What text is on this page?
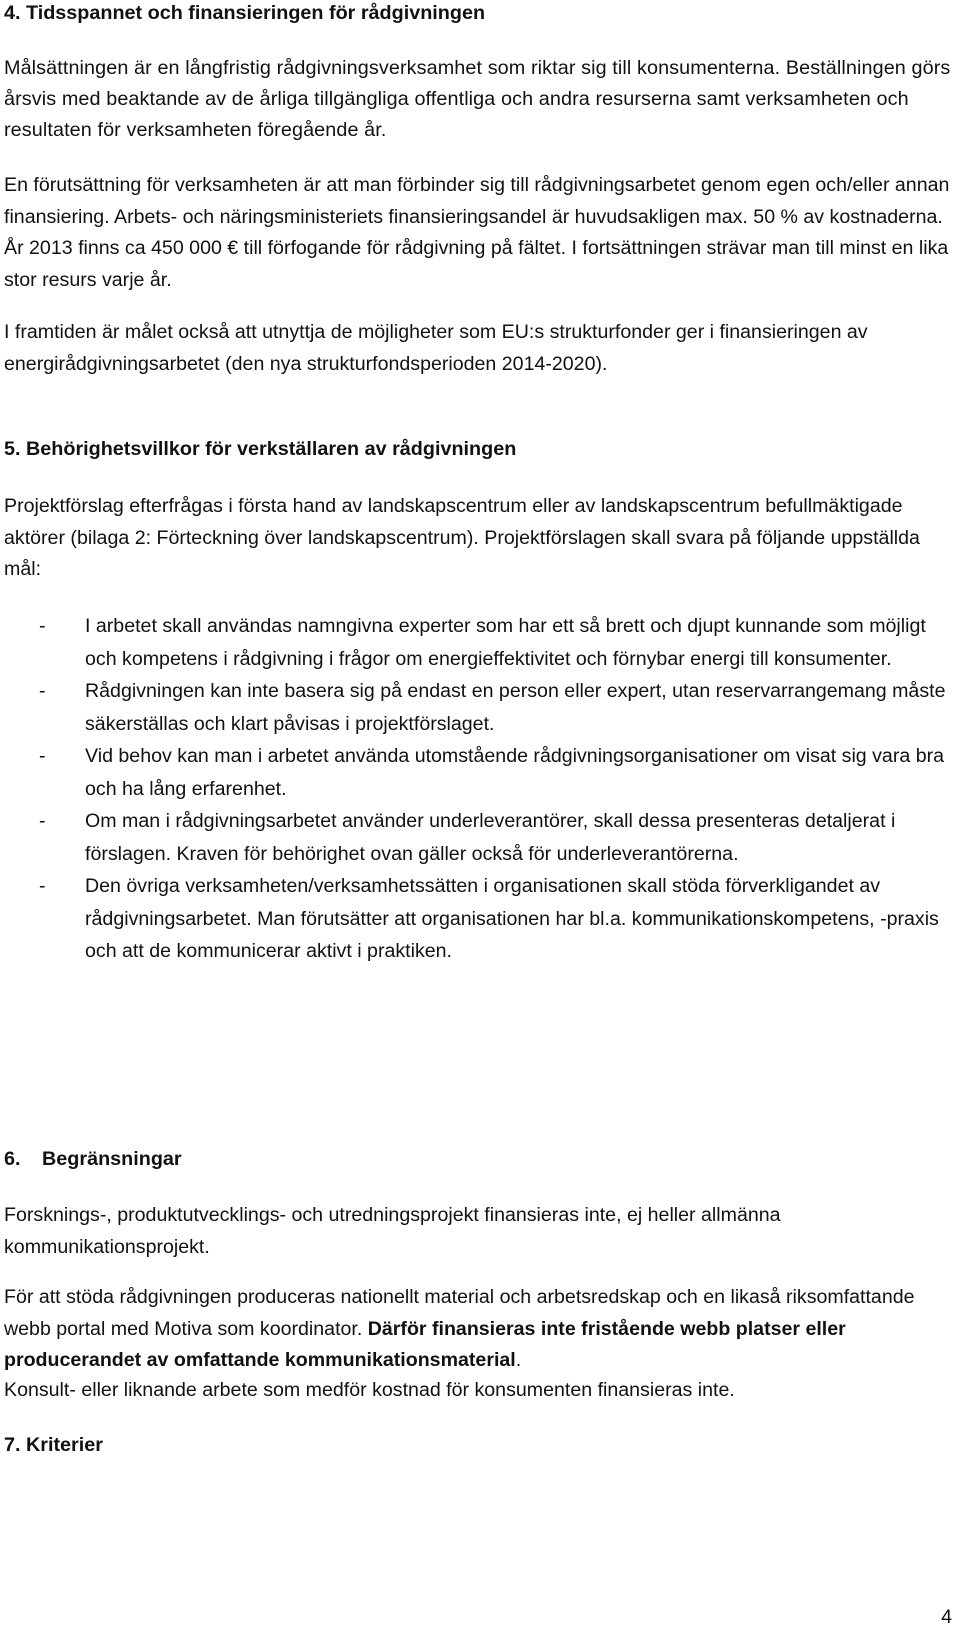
4. Tidsspannet och finansieringen för rådgivningen

Målsättningen är en långfristig rådgivningsverksamhet som riktar sig till konsumenterna. Beställningen görs årsvis med beaktande av de årliga tillgängliga offentliga och andra resurserna samt verksamheten och resultaten för verksamheten föregående år.

En förutsättning för verksamheten är att man förbinder sig till rådgivningsarbetet genom egen och/eller annan finansiering. Arbets- och näringsministeriets finansieringsandel är huvudsakligen max. 50 % av kostnaderna. År 2013 finns ca 450 000 € till förfogande för rådgivning på fältet. I fortsättningen strävar man till minst en lika stor resurs varje år.

I framtiden är målet också att utnyttja de möjligheter som EU:s strukturfonder ger i finansieringen av energirådgivningsarbetet (den nya strukturfondsperioden 2014-2020).

5. Behörighetsvillkor för verkställaren av rådgivningen

Projektförslag efterfrågas i första hand av landskapscentrum eller av landskapscentrum befullmäktigade aktörer (bilaga 2: Förteckning över landskapscentrum). Projektförslagen skall svara på följande uppställda mål:

- I arbetet skall användas namngivna experter som har ett så brett och djupt kunnande som möjligt och kompetens i rådgivning i frågor om energieffektivitet och förnybar energi till konsumenter.
- Rådgivningen kan inte basera sig på endast en person eller expert, utan reservarrangemang måste säkerställas och klart påvisas i projektförslaget.
- Vid behov kan man i arbetet använda utomstående rådgivningsorganisationer om visat sig vara bra och ha lång erfarenhet.
- Om man i rådgivningsarbetet använder underleverantörer, skall dessa presenteras detaljerat i förslagen. Kraven för behörighet ovan gäller också för underleverantörerna.
- Den övriga verksamheten/verksamhetssätten i organisationen skall stöda förverkligandet av rådgivningsarbetet. Man förutsätter att organisationen har bl.a. kommunikationskompetens, -praxis och att de kommunicerar aktivt i praktiken.
6. Begränsningar

Forsknings-, produktutvecklings- och utredningsprojekt finansieras inte, ej heller allmänna kommunikationsprojekt.

För att stöda rådgivningen produceras nationellt material och arbetsredskap och en likaså riksomfattande webb portal med Motiva som koordinator. Därför finansieras inte fristående webb platser eller producerandet av omfattande kommunikationsmaterial.

Konsult- eller liknande arbete som medför kostnad för konsumenten finansieras inte.

7. Kriterier
4
